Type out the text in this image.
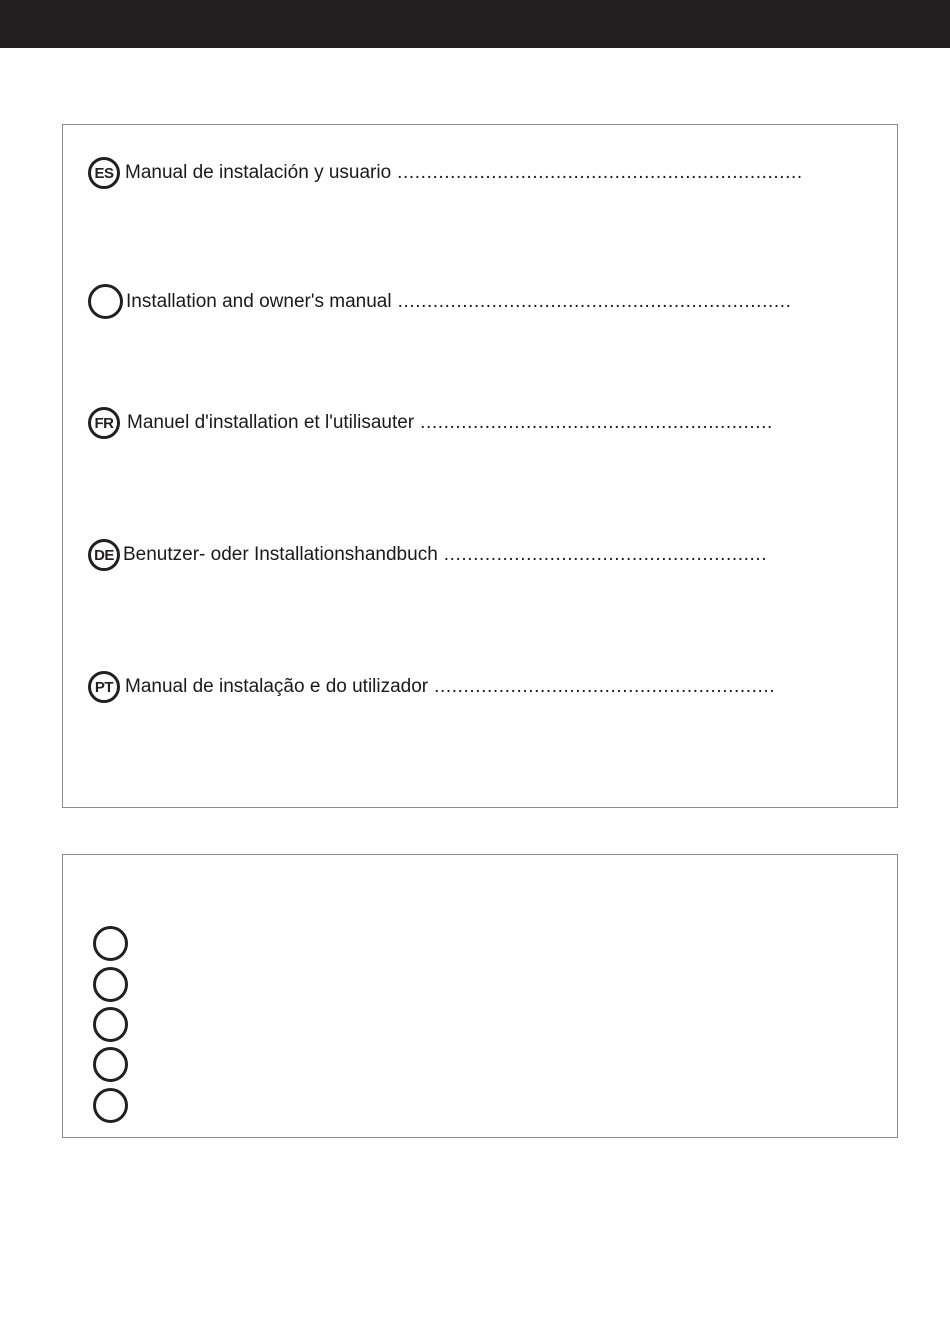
ES Manual de instalación y usuario .....................................................................
Installation and owner's manual ...................................................................
FR Manuel d'installation et l'utilisauter ............................................................
DE Benutzer- oder Installationshandbuch .......................................................
PT Manual de instalação e do utilizador ..........................................................
